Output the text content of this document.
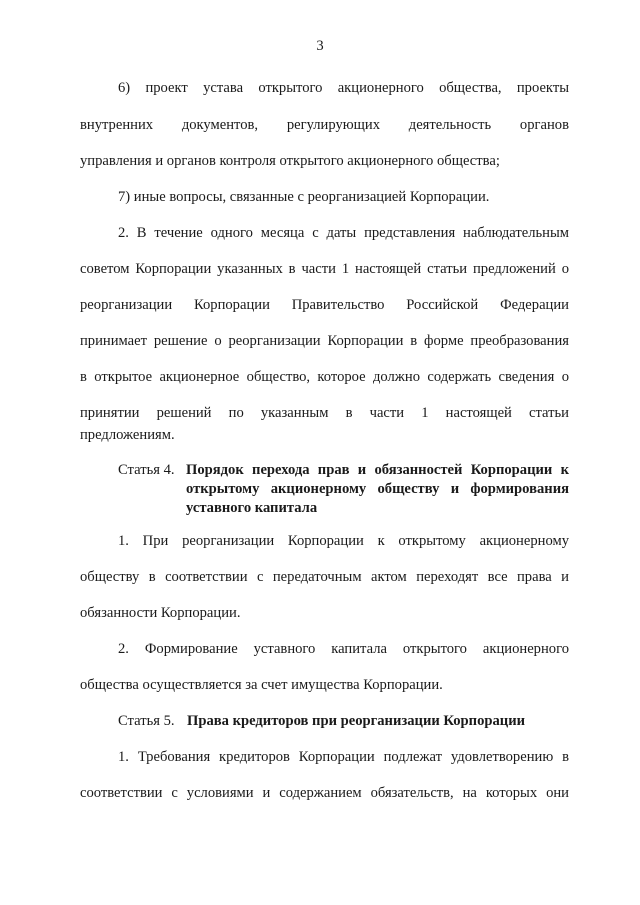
3
6) проект устава открытого акционерного общества, проекты
внутренних документов, регулирующих деятельность органов
управления и органов контроля открытого акционерного общества;
7) иные вопросы, связанные с реорганизацией Корпорации.
2. В течение одного месяца с даты представления наблюдательным
советом Корпорации указанных в части 1 настоящей статьи предложений о
реорганизации Корпорации Правительство Российской Федерации
принимает решение о реорганизации Корпорации в форме преобразования
в открытое акционерное общество, которое должно содержать сведения о
принятии решений по указанным в части 1 настоящей статьи
предложениям.
Статья 4. Порядок перехода прав и обязанностей Корпорации к
открытому акционерному обществу и формирования
уставного капитала
1. При реорганизации Корпорации к открытому акционерному
обществу в соответствии с передаточным актом переходят все права и
обязанности Корпорации.
2. Формирование уставного капитала открытого акционерного
общества осуществляется за счет имущества Корпорации.
Статья 5. Права кредиторов при реорганизации Корпорации
1. Требования кредиторов Корпорации подлежат удовлетворению в
соответствии с условиями и содержанием обязательств, на которых они
